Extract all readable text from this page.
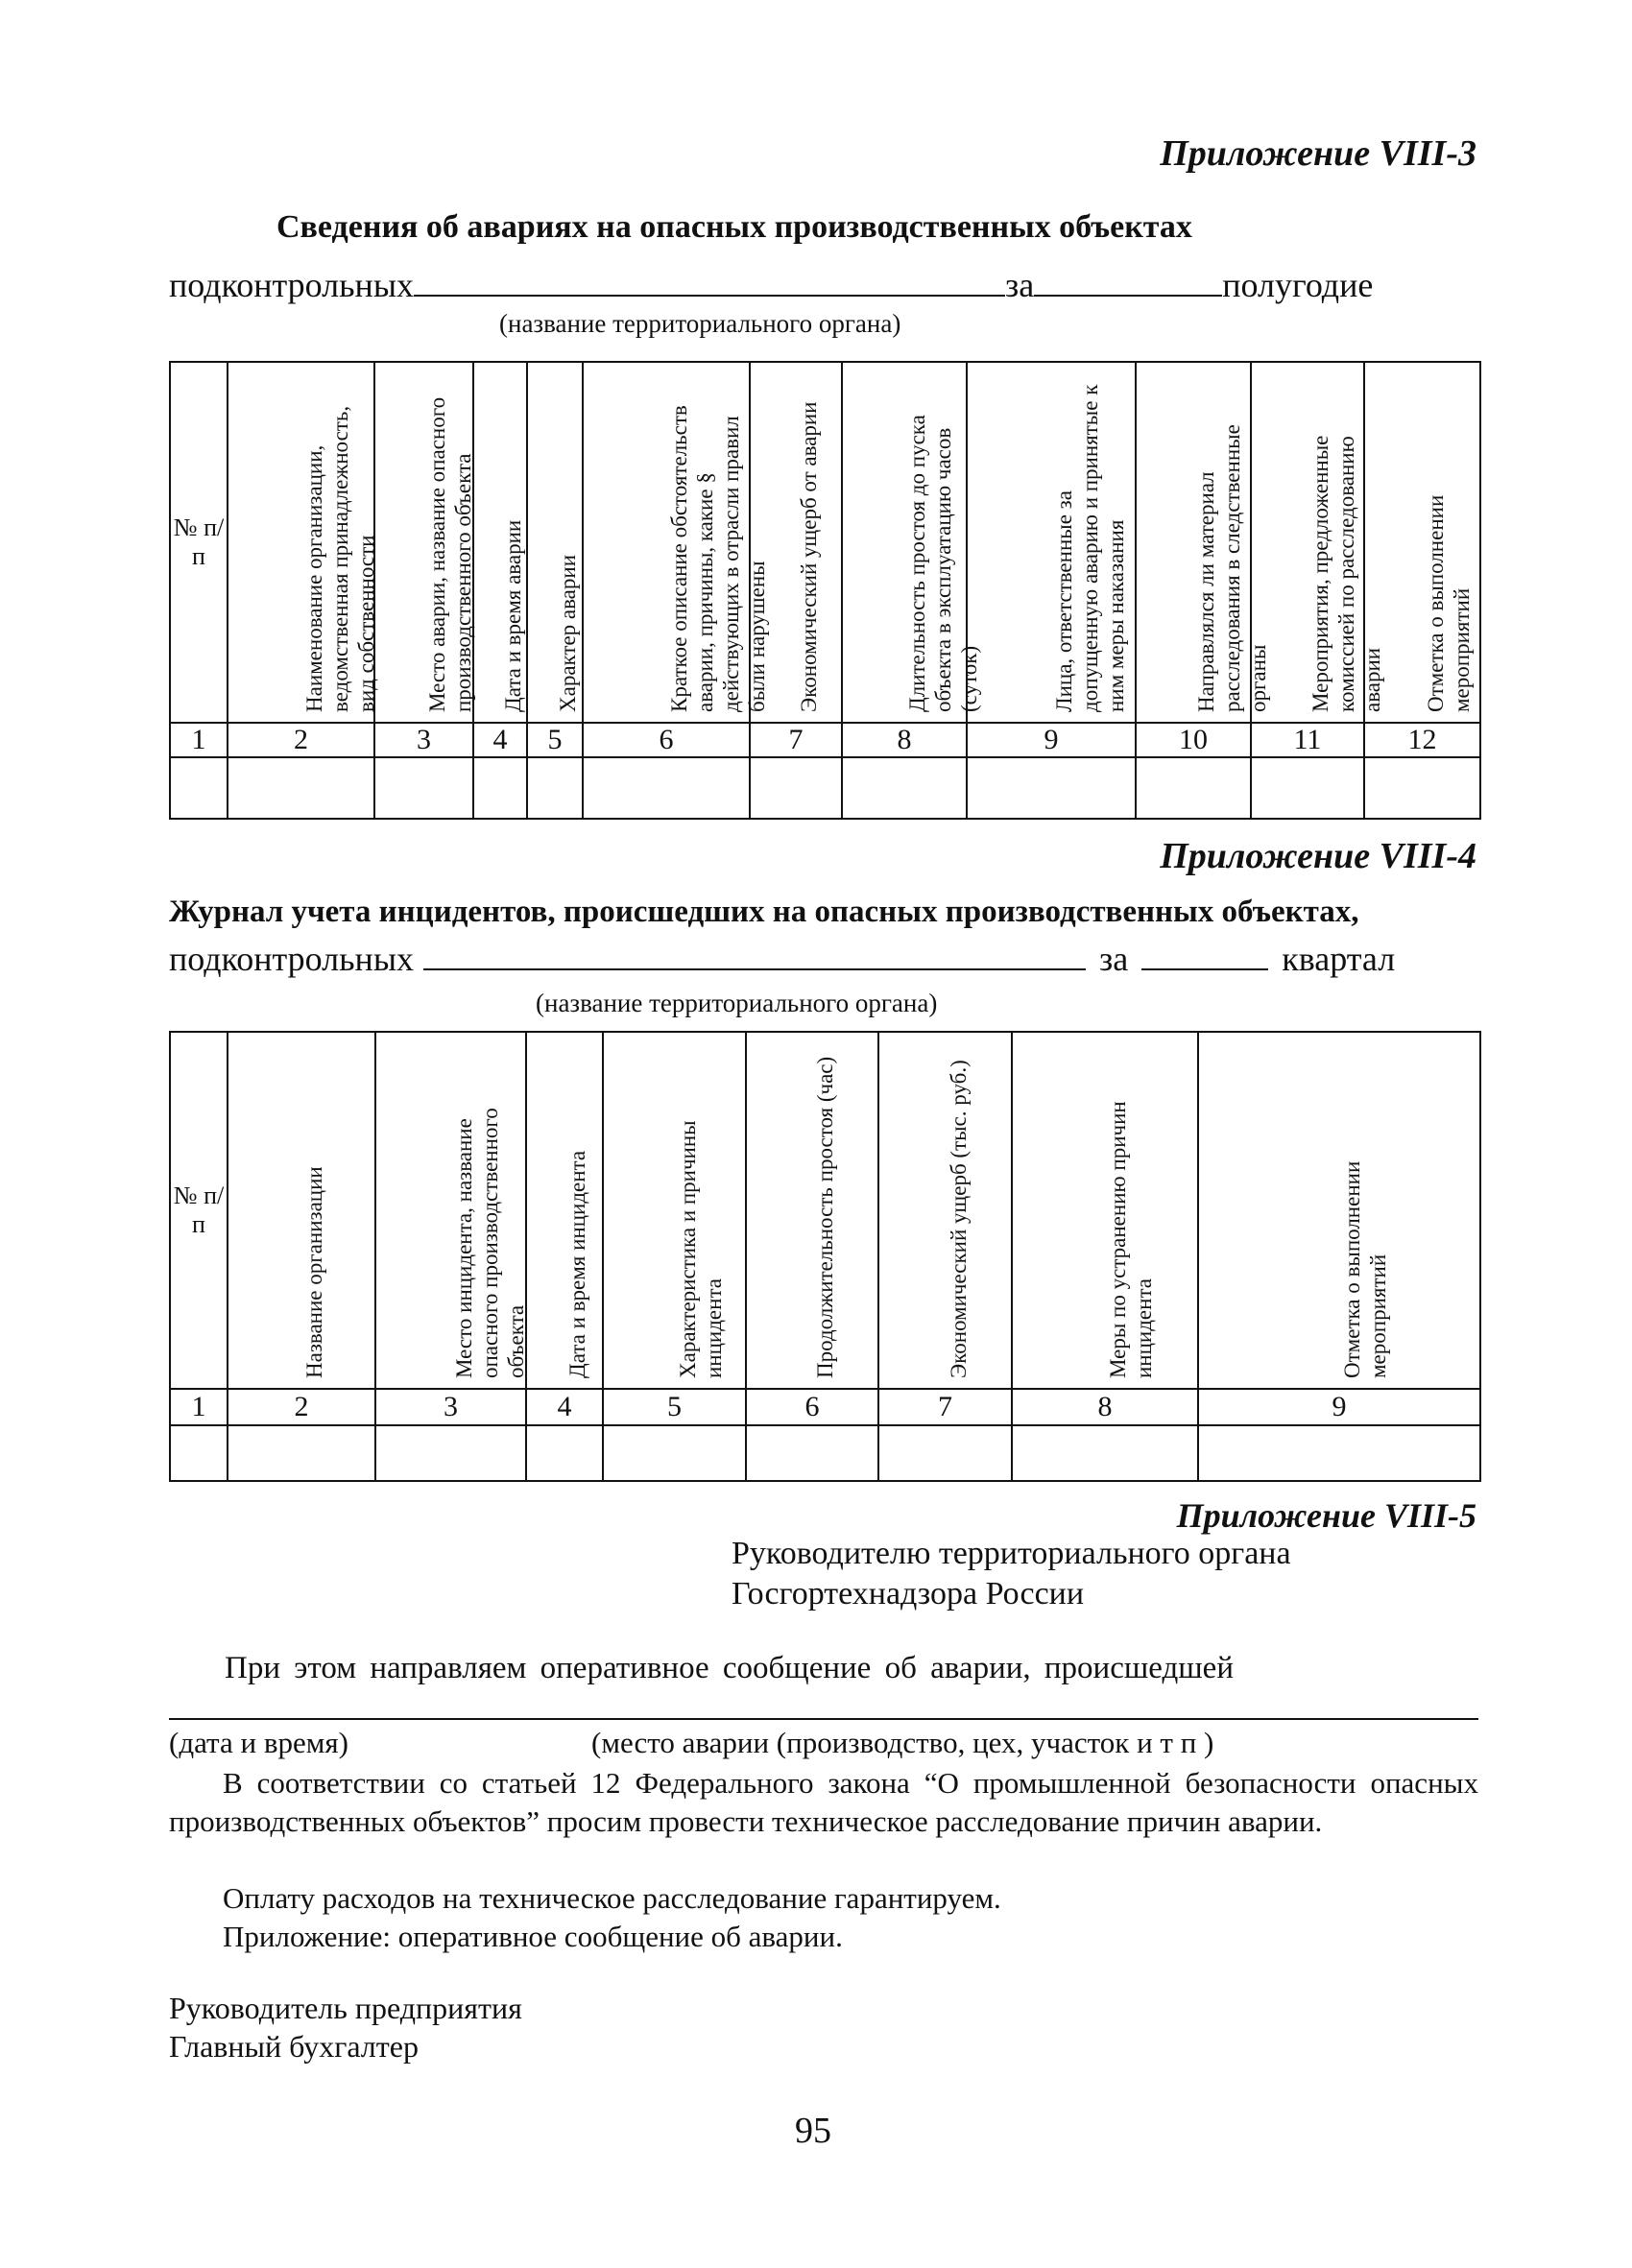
Приложение VIII-3
Сведения об авариях на опасных производственных объектах
подконтрольных	за	полугодие
(название территориального органа)
№ п/п	Наименование организации, ведомственная принадлежность, вид собственности	Место аварии, название опасного производственного объекта	Дата и время аварии	Характер аварии	Краткое описание обстоятельств аварии, причины, какие § действующих в отрасли правил были нарушены	Экономический ущерб от аварии	Длительность простоя до пуска объекта в эксплуатацию часов (суток)	Лица, ответственные за допущенную аварию и принятые к ним меры наказания	Направлялся ли материал расследования в следственные органы	Мероприятия, предложенные комиссией по расследованию аварии	Отметка о выполнении мероприятий

1	2	3	4	5	6	7	8	9	10	11	12

Приложение VIII-4
Журнал учета инцидентов, происшедших на опасных производственных объектах,
подконтрольных	за	квартал
(название территориального органа)
№ п/п	Название организации	Место инцидента, название опасного производственного объекта	Дата и время инцидента	Характеристика и причины инцидента	Продолжительность простоя (час)	Экономический ущерб (тыс. руб.)	Меры по устранению причин инцидента	Отметка о выполнении мероприятий

1	2	3	4	5	6	7	8	9

Приложение VIII-5
Руководителю территориального органа
Госгортехнадзора России
При этом направляем оперативное сообщение об аварии, происшедшей
(дата и время)	(место аварии (производство, цех, участок и т п )
В соответствии со статьей 12 Федерального закона “О промышленной безопасности опасных производственных объектов” просим провести техническое расследование причин аварии.
Оплату расходов на техническое расследование гарантируем.
Приложение: оперативное сообщение об аварии.
Руководитель предприятия
Главный бухгалтер
95
